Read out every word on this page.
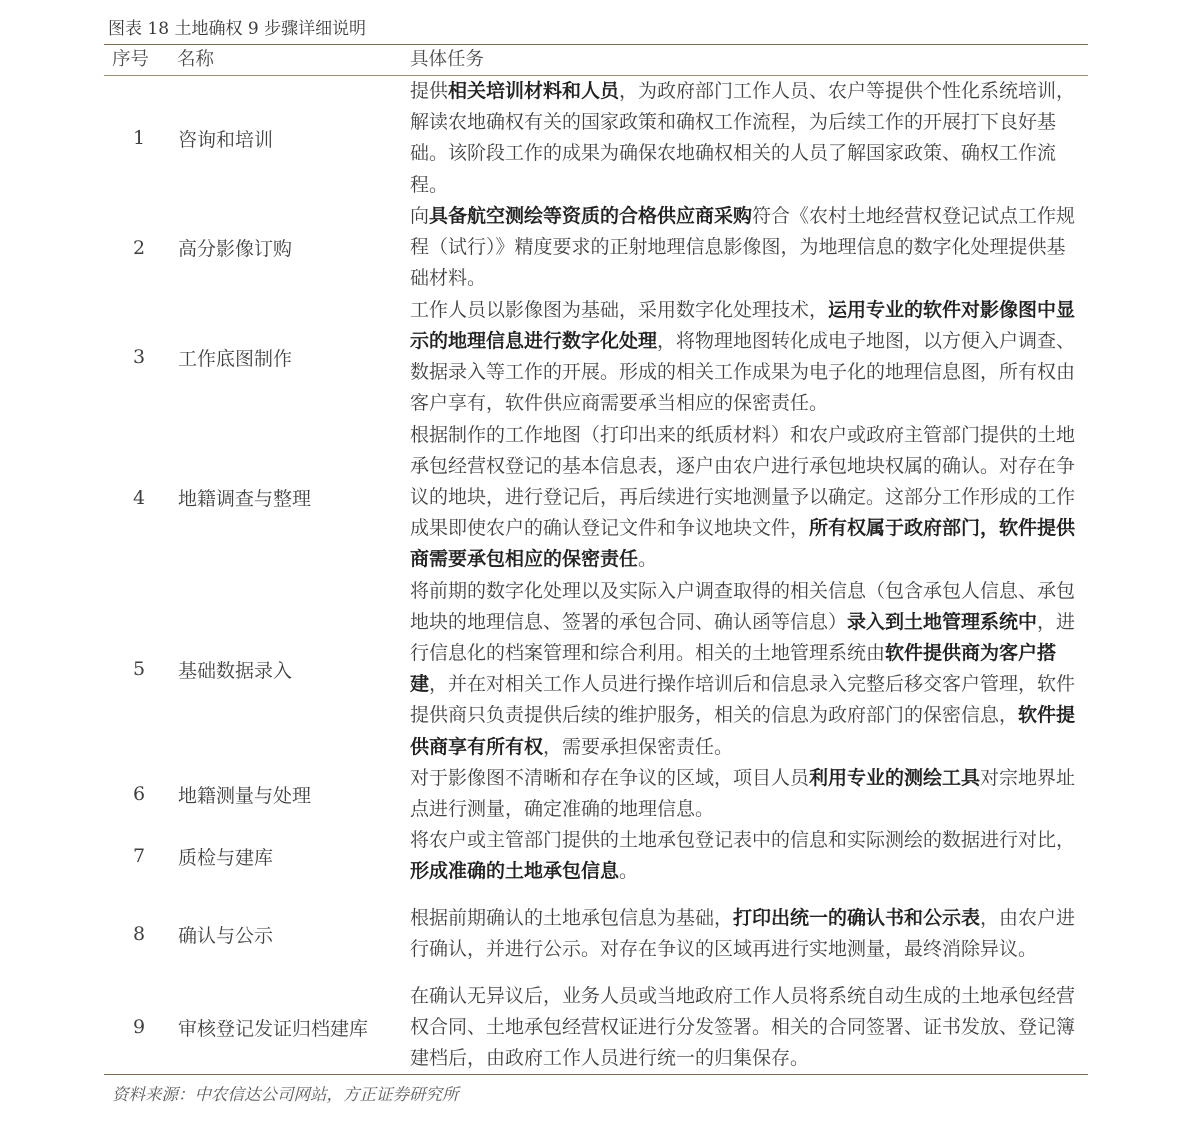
图表 18 土地确权 9 步骤详细说明
序号	名称	具体任务
1	咨询和培训	提供相关培训材料和人员，为政府部门工作人员、农户等提供个性化系统培训，解读农地确权有关的国家政策和确权工作流程，为后续工作的开展打下良好基础。该阶段工作的成果为确保农地确权相关的人员了解国家政策、确权工作流程。
2	高分影像订购	向具备航空测绘等资质的合格供应商采购符合《农村土地经营权登记试点工作规程（试行）》精度要求的正射地理信息影像图，为地理信息的数字化处理提供基础材料。
3	工作底图制作	工作人员以影像图为基础，采用数字化处理技术，运用专业的软件对影像图中显示的地理信息进行数字化处理，将物理地图转化成电子地图，以方便入户调查、数据录入等工作的开展。形成的相关工作成果为电子化的地理信息图，所有权由客户享有，软件供应商需要承当相应的保密责任。
4	地籍调查与整理	根据制作的工作地图（打印出来的纸质材料）和农户或政府主管部门提供的土地承包经营权登记的基本信息表，逐户由农户进行承包地块权属的确认。对存在争议的地块，进行登记后，再后续进行实地测量予以确定。这部分工作形成的工作成果即使农户的确认登记文件和争议地块文件，所有权属于政府部门，软件提供商需要承包相应的保密责任。
5	基础数据录入	将前期的数字化处理以及实际入户调查取得的相关信息（包含承包人信息、承包地块的地理信息、签署的承包合同、确认函等信息）录入到土地管理系统中，进行信息化的档案管理和综合利用。相关的土地管理系统由软件提供商为客户搭建，并在对相关工作人员进行操作培训后和信息录入完整后移交客户管理，软件提供商只负责提供后续的维护服务，相关的信息为政府部门的保密信息，软件提供商享有所有权，需要承担保密责任。
6	地籍测量与处理	对于影像图不清晰和存在争议的区域，项目人员利用专业的测绘工具对宗地界址点进行测量，确定准确的地理信息。
7	质检与建库	将农户或主管部门提供的土地承包登记表中的信息和实际测绘的数据进行对比，形成准确的土地承包信息。
8	确认与公示	根据前期确认的土地承包信息为基础，打印出统一的确认书和公示表，由农户进行确认，并进行公示。对存在争议的区域再进行实地测量，最终消除异议。
9	审核登记发证归档建库	在确认无异议后，业务人员或当地政府工作人员将系统自动生成的土地承包经营权合同、土地承包经营权证进行分发签署。相关的合同签署、证书发放、登记簿建档后，由政府工作人员进行统一的归集保存。
资料来源：中农信达公司网站，方正证券研究所
